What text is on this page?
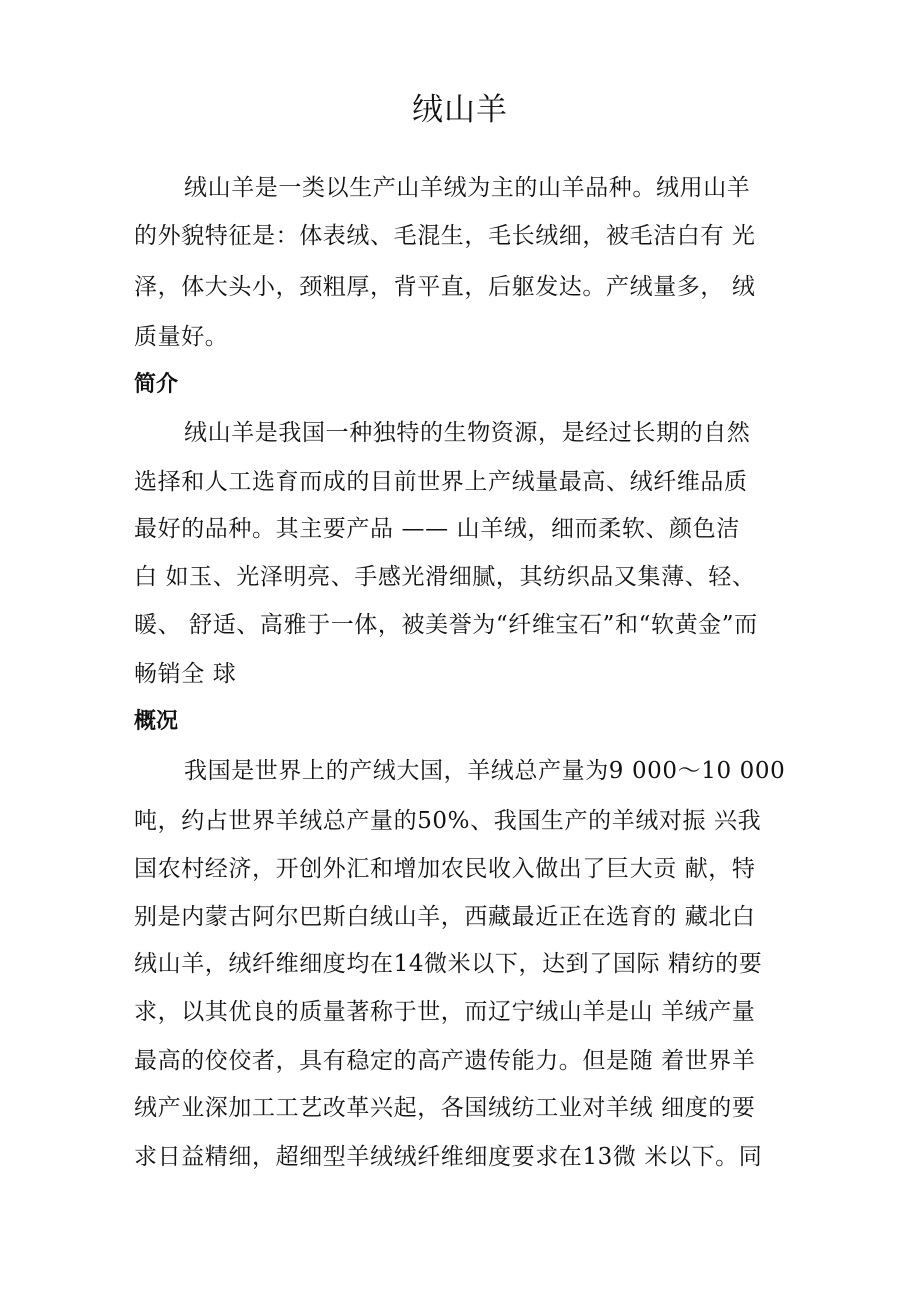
绒山羊

绒山羊是一类以生产山羊绒为主的山羊品种。绒用山羊

的外貌特征是：体表绒、毛混生，毛长绒细，被毛洁白有 光

泽，体大头小，颈粗厚，背平直，后躯发达。产绒量多， 绒

质量好。

简介

绒山羊是我国一种独特的生物资源，是经过长期的自然

选择和人工选育而成的目前世界上产绒量最高、绒纤维品质

最好的品种。其主要产品 —— 山羊绒，细而柔软、颜色洁

白 如玉、光泽明亮、手感光滑细腻，其纺织品又集薄、轻、

暖、 舒适、高雅于一体，被美誉为“纤维宝石”和“软黄金”而

畅销全 球

概况

我国是世界上的产绒大国，羊绒总产量为9 000〜10 000

吨，约占世界羊绒总产量的50%、我国生产的羊绒对振 兴我

国农村经济，开创外汇和增加农民收入做出了巨大贡 献，特

别是内蒙古阿尔巴斯白绒山羊，西藏最近正在选育的 藏北白

绒山羊，绒纤维细度均在14微米以下，达到了国际 精纺的要

求，以其优良的质量著称于世，而辽宁绒山羊是山 羊绒产量

最高的佼佼者，具有稳定的高产遗传能力。但是随 着世界羊

绒产业深加工工艺改革兴起，各国绒纺工业对羊绒 细度的要

求日益精细，超细型羊绒绒纤维细度要求在13微 米以下。同
